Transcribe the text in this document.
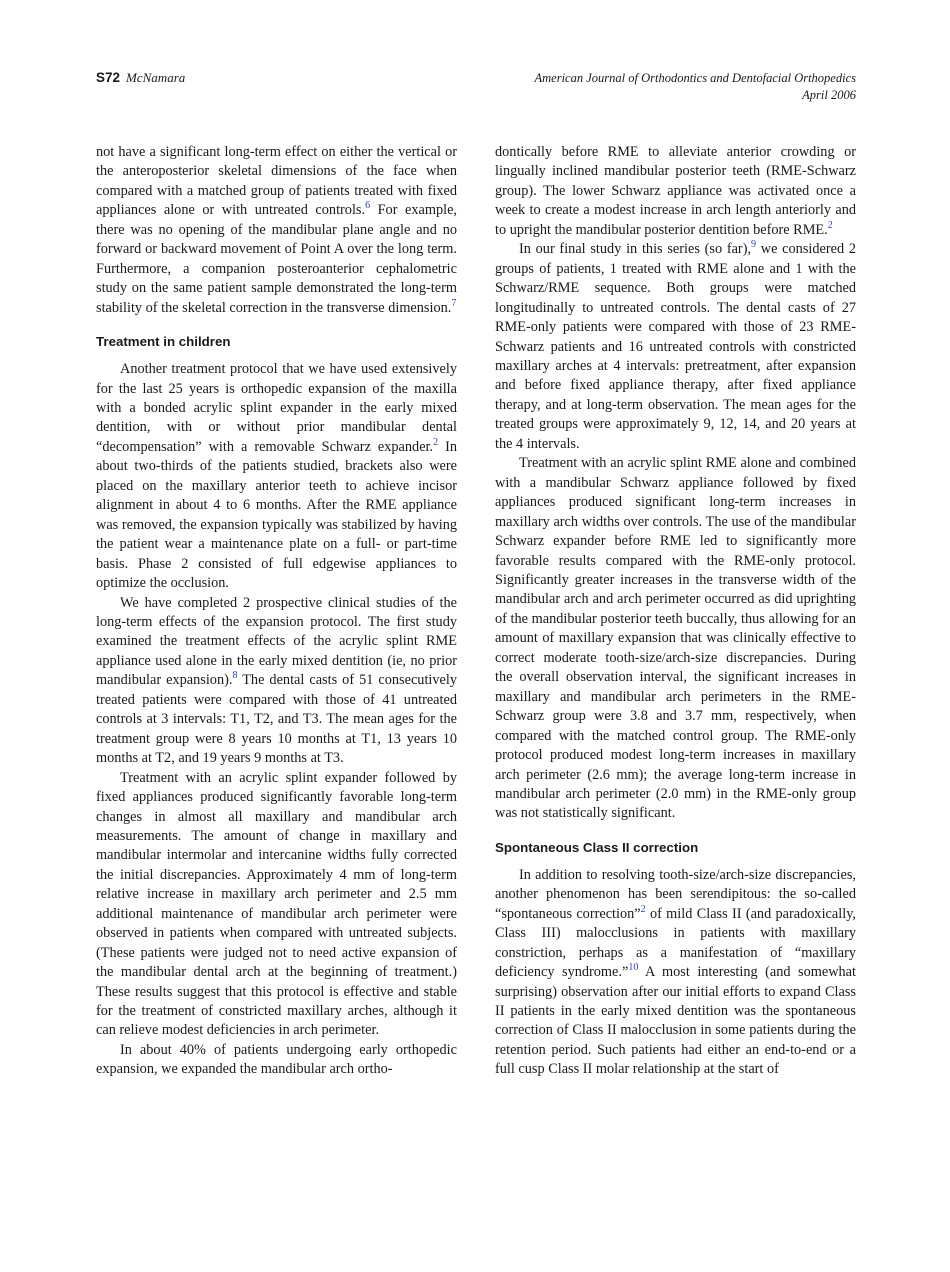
S72 McNamara	American Journal of Orthodontics and Dentofacial Orthopedics
April 2006

not have a significant long-term effect on either the vertical or the anteroposterior skeletal dimensions of the face when compared with a matched group of patients treated with fixed appliances alone or with untreated controls.$^6$ For example, there was no opening of the mandibular plane angle and no forward or backward movement of Point A over the long term. Furthermore, a companion posteroanterior cephalometric study on the same patient sample demonstrated the long-term stability of the skeletal correction in the transverse dimension.$^7$

Treatment in children

Another treatment protocol that we have used extensively for the last 25 years is orthopedic expansion of the maxilla with a bonded acrylic splint expander in the early mixed dentition, with or without prior mandibular dental “decompensation” with a removable Schwarz expander.$^2$ In about two-thirds of the patients studied, brackets also were placed on the maxillary anterior teeth to achieve incisor alignment in about 4 to 6 months. After the RME appliance was removed, the expansion typically was stabilized by having the patient wear a maintenance plate on a full- or part-time basis. Phase 2 consisted of full edgewise appliances to optimize the occlusion.

We have completed 2 prospective clinical studies of the long-term effects of the expansion protocol. The first study examined the treatment effects of the acrylic splint RME appliance used alone in the early mixed dentition (ie, no prior mandibular expansion).$^8$ The dental casts of 51 consecutively treated patients were compared with those of 41 untreated controls at 3 intervals: T1, T2, and T3. The mean ages for the treatment group were 8 years 10 months at T1, 13 years 10 months at T2, and 19 years 9 months at T3.

Treatment with an acrylic splint expander followed by fixed appliances produced significantly favorable long-term changes in almost all maxillary and mandibular arch measurements. The amount of change in maxillary and mandibular intermolar and intercanine widths fully corrected the initial discrepancies. Approximately 4 mm of long-term relative increase in maxillary arch perimeter and 2.5 mm additional maintenance of mandibular arch perimeter were observed in patients when compared with untreated subjects. (These patients were judged not to need active expansion of the mandibular dental arch at the beginning of treatment.) These results suggest that this protocol is effective and stable for the treatment of constricted maxillary arches, although it can relieve modest deficiencies in arch perimeter.

In about 40% of patients undergoing early orthopedic expansion, we expanded the mandibular arch ortho-

dontically before RME to alleviate anterior crowding or lingually inclined mandibular posterior teeth (RME-Schwarz group). The lower Schwarz appliance was activated once a week to create a modest increase in arch length anteriorly and to upright the mandibular posterior dentition before RME.$^2$

In our final study in this series (so far),$^9$ we considered 2 groups of patients, 1 treated with RME alone and 1 with the Schwarz/RME sequence. Both groups were matched longitudinally to untreated controls. The dental casts of 27 RME-only patients were compared with those of 23 RME-Schwarz patients and 16 untreated controls with constricted maxillary arches at 4 intervals: pretreatment, after expansion and before fixed appliance therapy, after fixed appliance therapy, and at long-term observation. The mean ages for the treated groups were approximately 9, 12, 14, and 20 years at the 4 intervals.

Treatment with an acrylic splint RME alone and combined with a mandibular Schwarz appliance followed by fixed appliances produced significant long-term increases in maxillary arch widths over controls. The use of the mandibular Schwarz expander before RME led to significantly more favorable results compared with the RME-only protocol. Significantly greater increases in the transverse width of the mandibular arch and arch perimeter occurred as did uprighting of the mandibular posterior teeth buccally, thus allowing for an amount of maxillary expansion that was clinically effective to correct moderate tooth-size/arch-size discrepancies. During the overall observation interval, the significant increases in maxillary and mandibular arch perimeters in the RME-Schwarz group were 3.8 and 3.7 mm, respectively, when compared with the matched control group. The RME-only protocol produced modest long-term increases in maxillary arch perimeter (2.6 mm); the average long-term increase in mandibular arch perimeter (2.0 mm) in the RME-only group was not statistically significant.

Spontaneous Class II correction

In addition to resolving tooth-size/arch-size discrepancies, another phenomenon has been serendipitous: the so-called “spontaneous correction”$^2$ of mild Class II (and paradoxically, Class III) malocclusions in patients with maxillary constriction, perhaps as a manifestation of “maxillary deficiency syndrome.”$^{10}$ A most interesting (and somewhat surprising) observation after our initial efforts to expand Class II patients in the early mixed dentition was the spontaneous correction of Class II malocclusion in some patients during the retention period. Such patients had either an end-to-end or a full cusp Class II molar relationship at the start of
